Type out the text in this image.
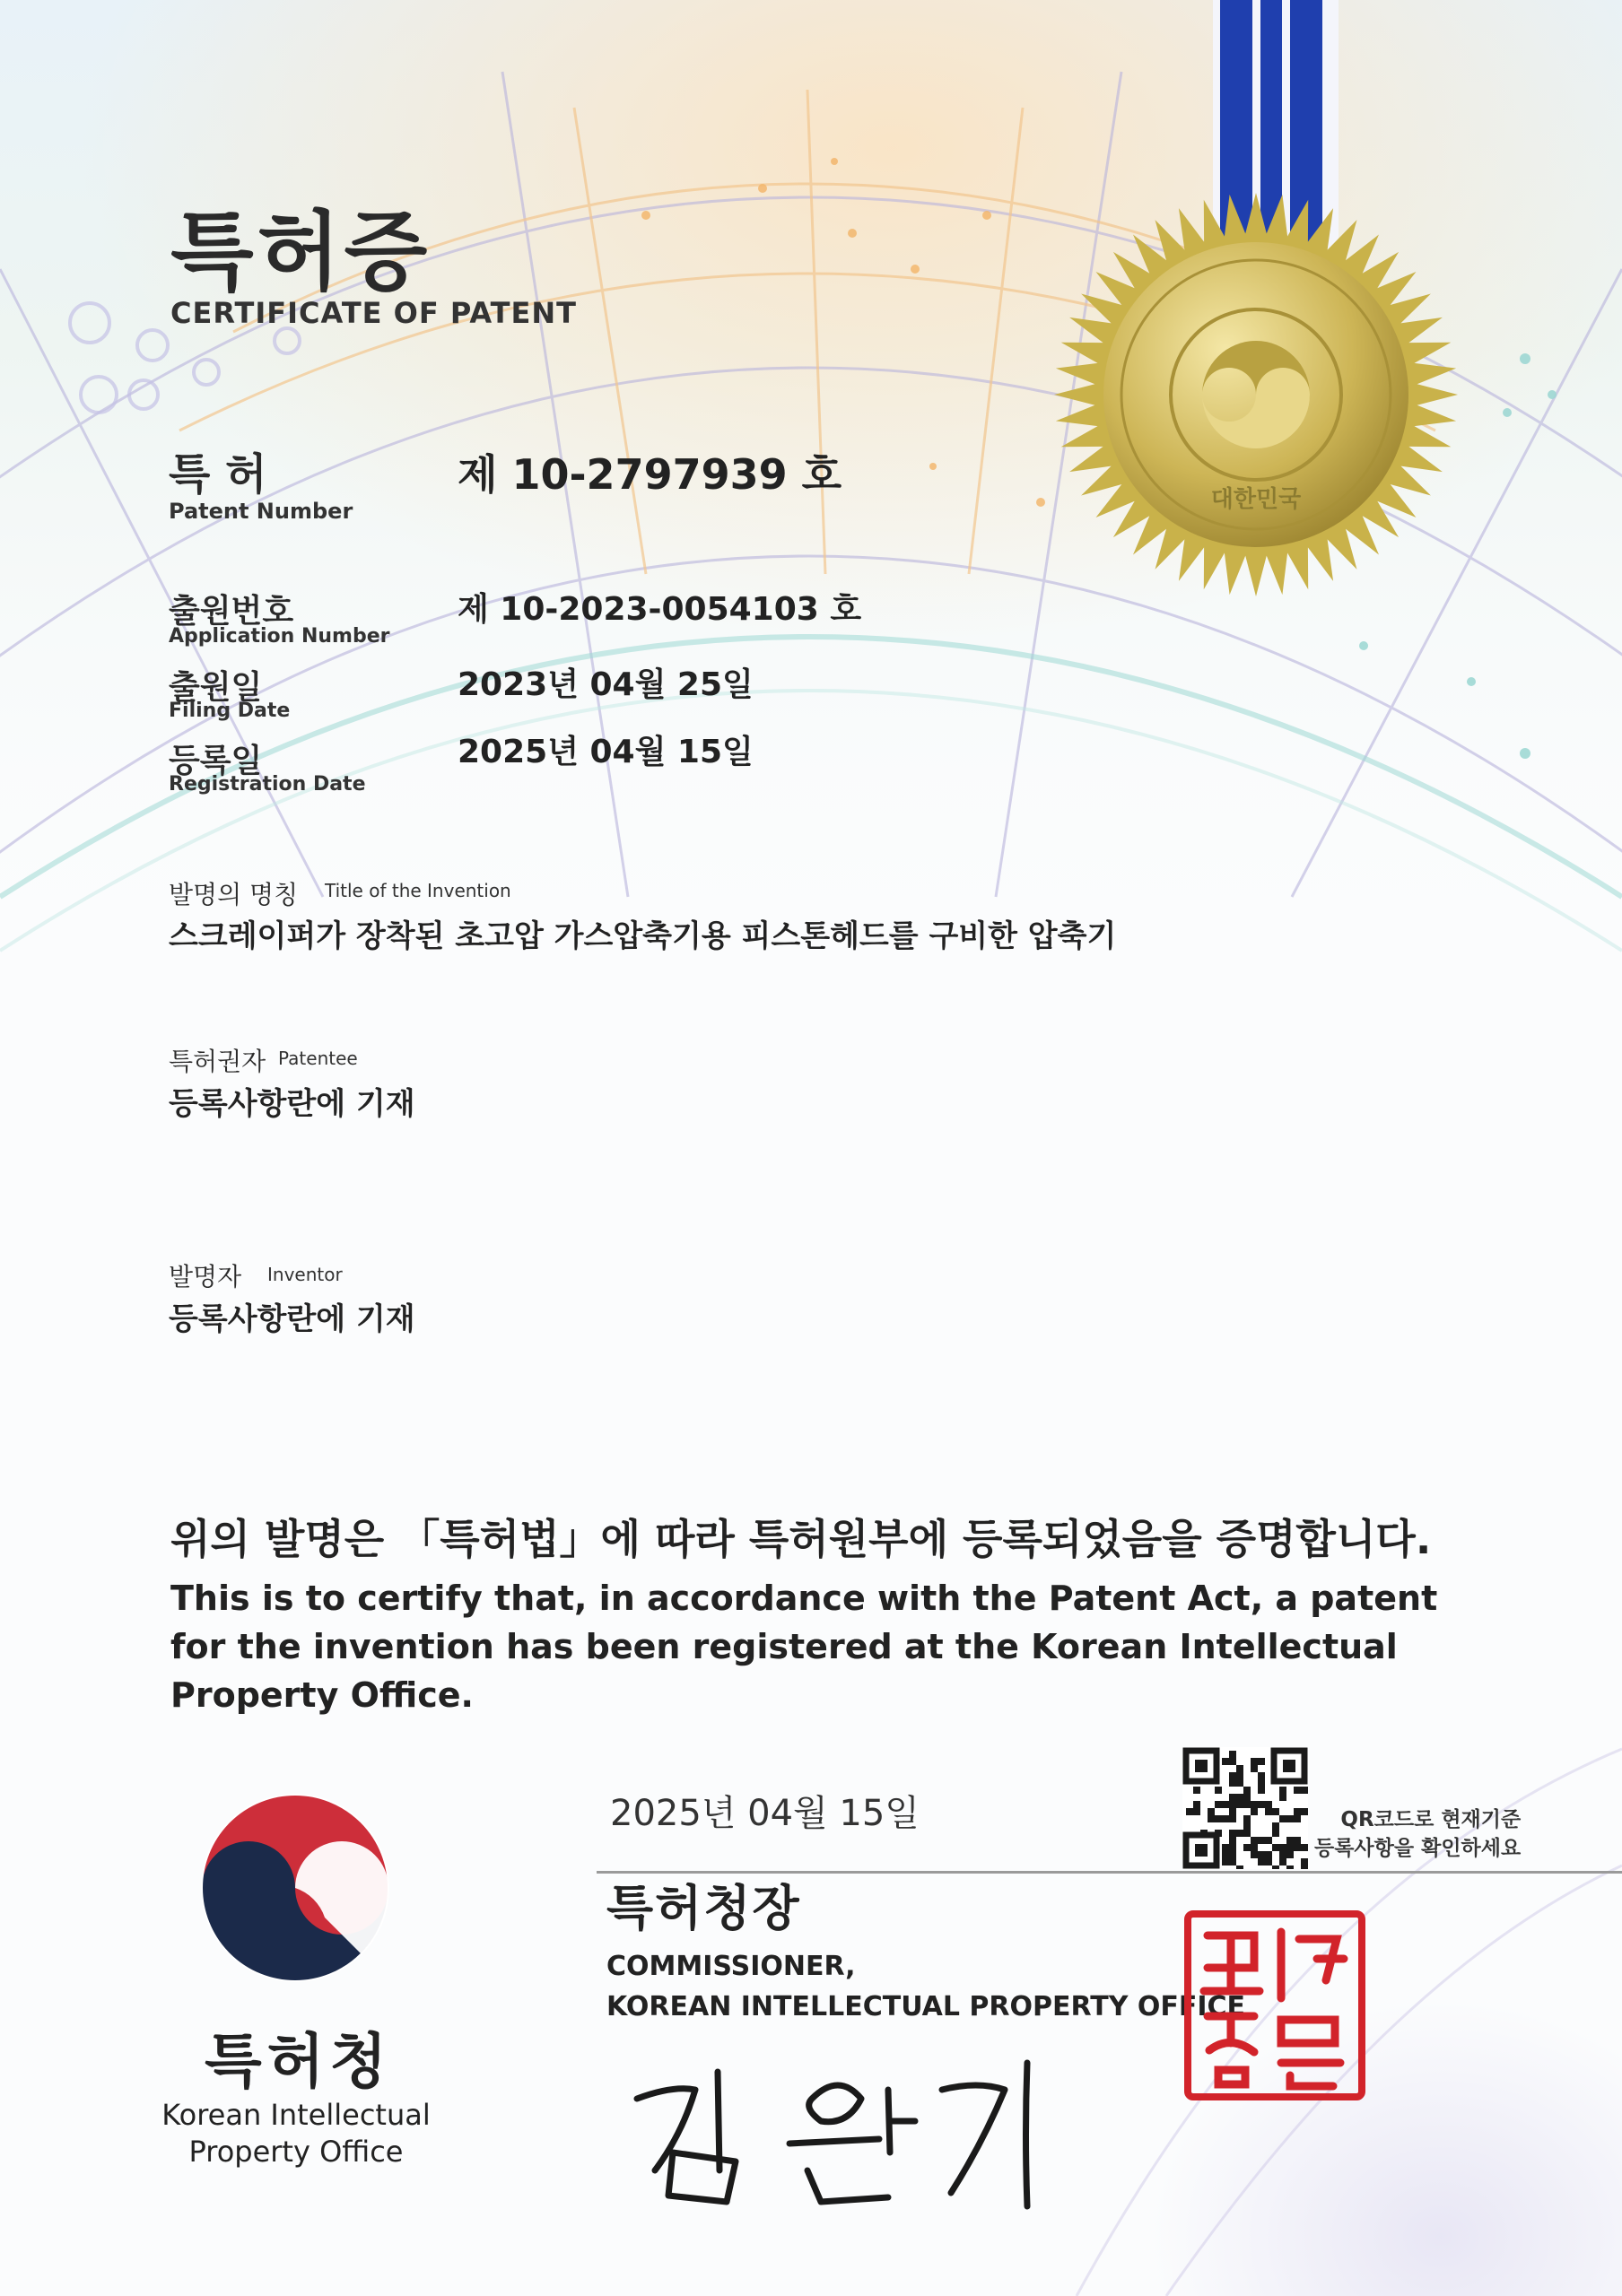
대한민국
특허증
CERTIFICATE OF PATENT
특 허
Patent Number
제 10-2797939 호
출원번호
Application Number
제 10-2023-0054103 호
출원일
Filing Date
2023년 04월 25일
등록일
Registration Date
2025년 04월 15일
발명의 명칭 Title of the Invention
스크레이퍼가 장착된 초고압 가스압축기용 피스톤헤드를 구비한 압축기
특허권자 Patentee
등록사항란에 기재
발명자 Inventor
등록사항란에 기재
위의 발명은 「특허법」에 따라 특허원부에 등록되었음을 증명합니다.
This is to certify that, in accordance with the Patent Act, a patent for the invention has been registered at the Korean Intellectual Property Office.
2025년 04월 15일	QR코드로 현재기준
등록사항을 확인하세요
특허청장
COMMISSIONER,
KOREAN INTELLECTUAL PROPERTY OFFICE
특허청
Korean Intellectual Property Office
